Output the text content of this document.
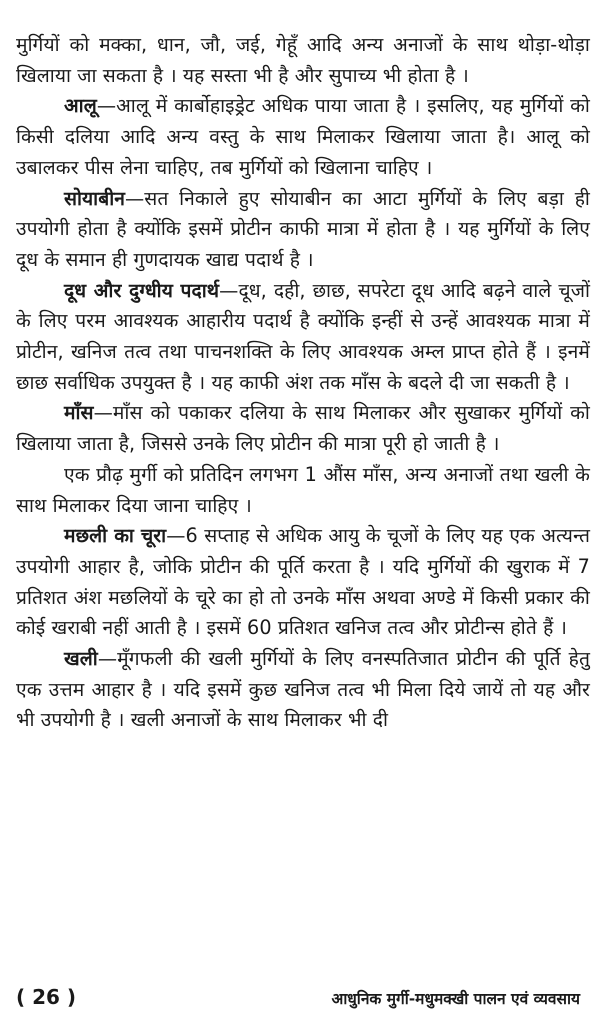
मुर्गियों को मक्का, धान, जौ, जई, गेहूँ आदि अन्य अनाजों के साथ थोड़ा-थोड़ा खिलाया जा सकता है । यह सस्ता भी है और सुपाच्य भी होता है ।

आलू—आलू में कार्बोहाइड्रेट अधिक पाया जाता है । इसलिए, यह मुर्गियों को किसी दलिया आदि अन्य वस्तु के साथ मिलाकर खिलाया जाता है। आलू को उबालकर पीस लेना चाहिए, तब मुर्गियों को खिलाना चाहिए ।

सोयाबीन—सत निकाले हुए सोयाबीन का आटा मुर्गियों के लिए बड़ा ही उपयोगी होता है क्योंकि इसमें प्रोटीन काफी मात्रा में होता है । यह मुर्गियों के लिए दूध के समान ही गुणदायक खाद्य पदार्थ है ।

दूध और दुग्धीय पदार्थ—दूध, दही, छाछ, सपरेटा दूध आदि बढ़ने वाले चूजों के लिए परम आवश्यक आहारीय पदार्थ है क्योंकि इन्हीं से उन्हें आवश्यक मात्रा में प्रोटीन, खनिज तत्व तथा पाचनशक्ति के लिए आवश्यक अम्ल प्राप्त होते हैं । इनमें छाछ सर्वाधिक उपयुक्त है । यह काफी अंश तक माँस के बदले दी जा सकती है ।

माँस—माँस को पकाकर दलिया के साथ मिलाकर और सुखाकर मुर्गियों को खिलाया जाता है, जिससे उनके लिए प्रोटीन की मात्रा पूरी हो जाती है ।

एक प्रौढ़ मुर्गी को प्रतिदिन लगभग 1 औंस माँस, अन्य अनाजों तथा खली के साथ मिलाकर दिया जाना चाहिए ।

मछली का चूरा—6 सप्ताह से अधिक आयु के चूजों के लिए यह एक अत्यन्त उपयोगी आहार है, जोकि प्रोटीन की पूर्ति करता है । यदि मुर्गियों की खुराक में 7 प्रतिशत अंश मछलियों के चूरे का हो तो उनके माँस अथवा अण्डे में किसी प्रकार की कोई खराबी नहीं आती है । इसमें 60 प्रतिशत खनिज तत्व और प्रोटीन्स होते हैं ।

खली—मूँगफली की खली मुर्गियों के लिए वनस्पतिजात प्रोटीन की पूर्ति हेतु एक उत्तम आहार है । यदि इसमें कुछ खनिज तत्व भी मिला दिये जायें तो यह और भी उपयोगी है । खली अनाजों के साथ मिलाकर भी दी

( 26 )	आधुनिक मुर्गी-मधुमक्खी पालन एवं व्यवसाय
